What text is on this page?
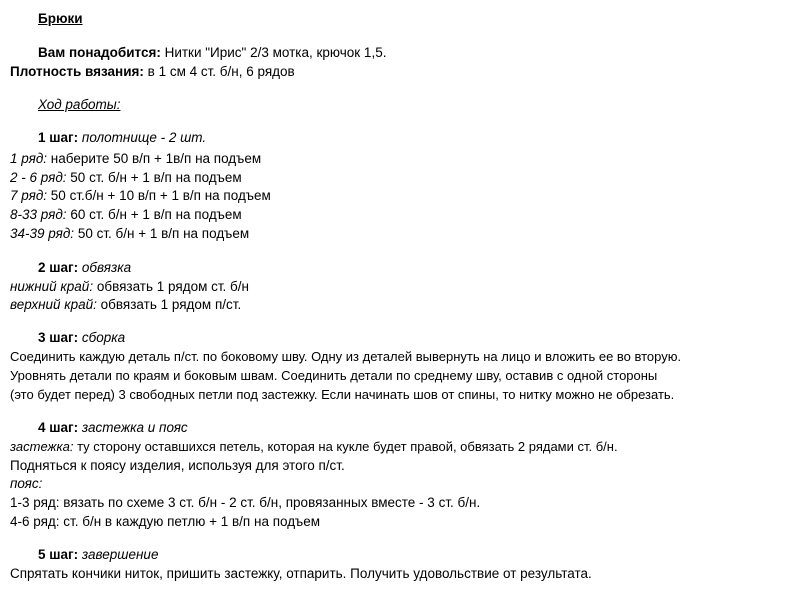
Брюки
Вам понадобится: Нитки "Ирис" 2/3 мотка, крючок 1,5.
Плотность вязания: в 1 см 4 ст. б/н, 6 рядов
Ход работы:
1 шаг: полотнище - 2 шт.
1 ряд: наберите 50 в/п + 1в/п на подъем
2 - 6 ряд: 50 ст. б/н + 1 в/п на подъем
7 ряд: 50 ст.б/н + 10 в/п + 1 в/п на подъем
8-33 ряд: 60 ст. б/н + 1 в/п на подъем
34-39 ряд: 50 ст. б/н + 1 в/п на подъем
2 шаг: обвязка
нижний край: обвязать 1 рядом ст. б/н
верхний край: обвязать 1 рядом п/ст.
3 шаг: сборка
Соединить каждую деталь п/ст. по боковому шву. Одну из деталей вывернуть на лицо и вложить ее во вторую.
Уровнять детали по краям и боковым швам. Соединить детали по среднему шву, оставив с одной стороны
(это будет перед) 3 свободных петли под застежку. Если начинать шов от спины, то нитку можно не обрезать.
4 шаг: застежка и пояс
застежка: ту сторону оставшихся петель, которая на кукле будет правой, обвязать 2 рядами ст. б/н.
Подняться к поясу изделия, используя для этого п/ст.
пояс:
1-3 ряд: вязать по схеме 3 ст. б/н - 2 ст. б/н, провязанных вместе - 3 ст. б/н.
4-6 ряд: ст. б/н в каждую петлю + 1 в/п на подъем
5 шаг: завершение
Спрятать кончики ниток, пришить застежку, отпарить. Получить удовольствие от результата.
